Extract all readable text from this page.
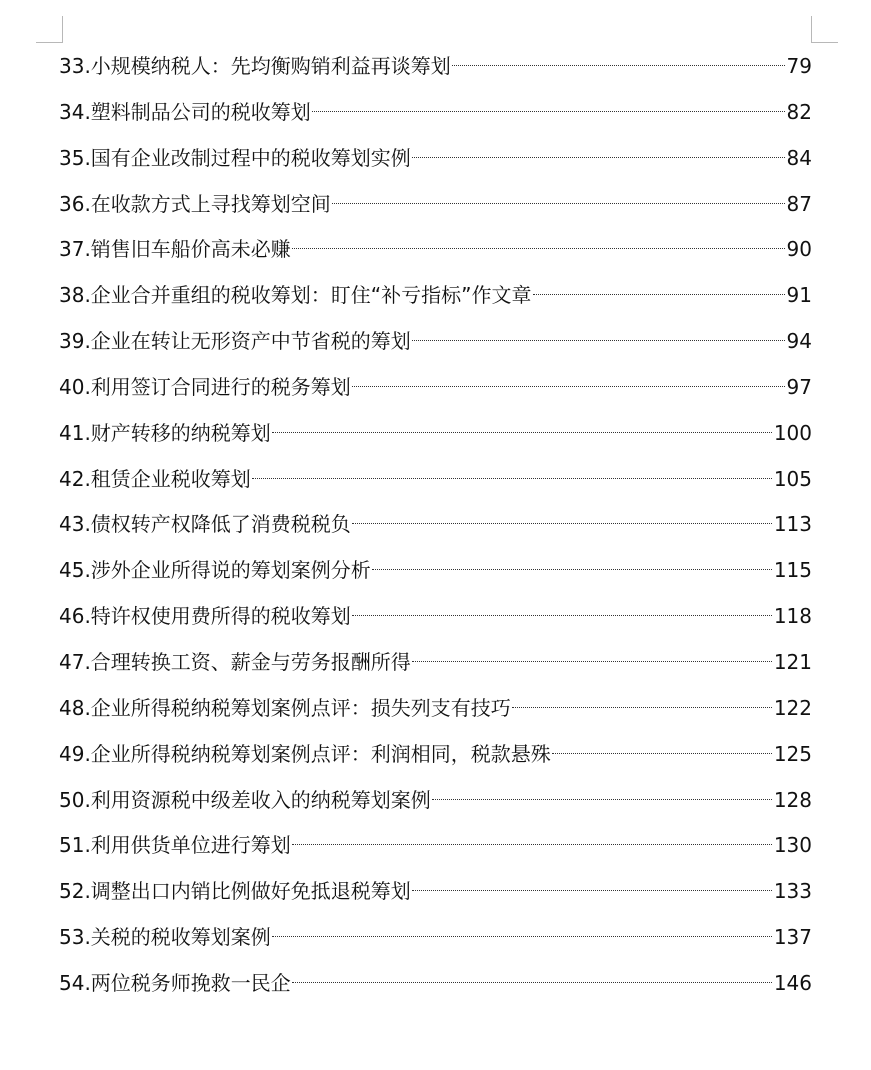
33.小规模纳税人：先均衡购销利益再谈筹划	79
34.塑料制品公司的税收筹划	82
35.国有企业改制过程中的税收筹划实例	84
36.在收款方式上寻找筹划空间	87
37.销售旧车船价高未必赚	90
38.企业合并重组的税收筹划：盯住“补亏指标”作文章	91
39.企业在转让无形资产中节省税的筹划	94
40.利用签订合同进行的税务筹划	97
41.财产转移的纳税筹划	100
42.租赁企业税收筹划	105
43.债权转产权降低了消费税税负	113
45.涉外企业所得说的筹划案例分析	115
46.特许权使用费所得的税收筹划	118
47.合理转换工资、薪金与劳务报酬所得	121
48.企业所得税纳税筹划案例点评：损失列支有技巧	122
49.企业所得税纳税筹划案例点评：利润相同，税款悬殊	125
50.利用资源税中级差收入的纳税筹划案例	128
51.利用供货单位进行筹划	130
52.调整出口内销比例做好免抵退税筹划	133
53.关税的税收筹划案例	137
54.两位税务师挽救一民企	146
